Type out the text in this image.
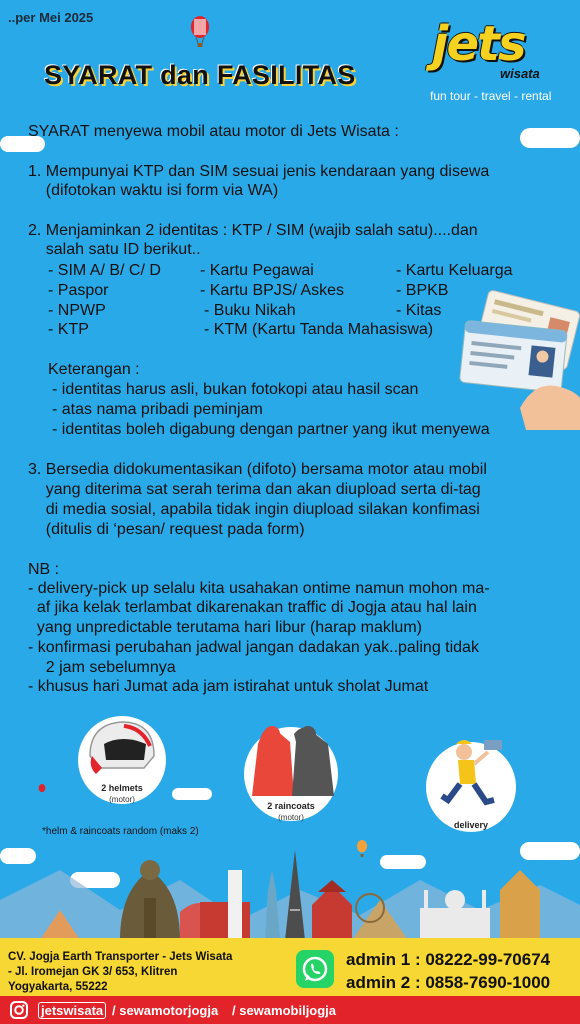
..per Mei 2025
SYARAT dan FASILITAS
jets
wisata
fun tour - travel - rental
SYARAT menyewa mobil atau motor di Jets Wisata :
1. Mempunyai KTP dan SIM sesuai jenis kendaraan yang disewa
(difotokan waktu isi form via WA)
2. Menjaminkan 2 identitas : KTP / SIM (wajib salah satu)....dan
salah satu ID berikut..
- SIM A/ B/ C/ D
- Paspor
- NPWP
- KTP
- Kartu Pegawai
- Kartu BPJS/ Askes
- Buku Nikah
- KTM (Kartu Tanda Mahasiswa)
- Kartu Keluarga
- BPKB
- Kitas
Keterangan :
- identitas harus asli, bukan fotokopi atau hasil scan
- atas nama pribadi peminjam
- identitas boleh digabung dengan partner yang ikut menyewa
3. Bersedia didokumentasikan (difoto) bersama motor atau mobil
yang diterima sat serah terima dan akan diupload serta di-tag
di media sosial, apabila tidak ingin diupload silakan konfimasi
(ditulis di ‘pesan/ request pada form)
NB :
- delivery-pick up selalu kita usahakan ontime namun mohon ma-
af jika kelak terlambat dikarenakan traffic di Jogja atau hal lain
yang unpredictable terutama hari libur (harap maklum)
- konfirmasi perubahan jadwal jangan dadakan yak..paling tidak
2 jam sebelumnya
- khusus hari Jumat ada jam istirahat untuk sholat Jumat
2 helmets
(motor)
2 raincoats
(motor)
delivery
*helm & raincoats random (maks 2)
CV. Jogja Earth Transporter - Jets Wisata
- Jl. Iromejan GK 3/ 653, Klitren
Yogyakarta, 55222
admin 1 : 08222-99-70674
admin 2 : 0858-7690-1000
jetswisata / sewamotorjogja / sewamobiljogja
